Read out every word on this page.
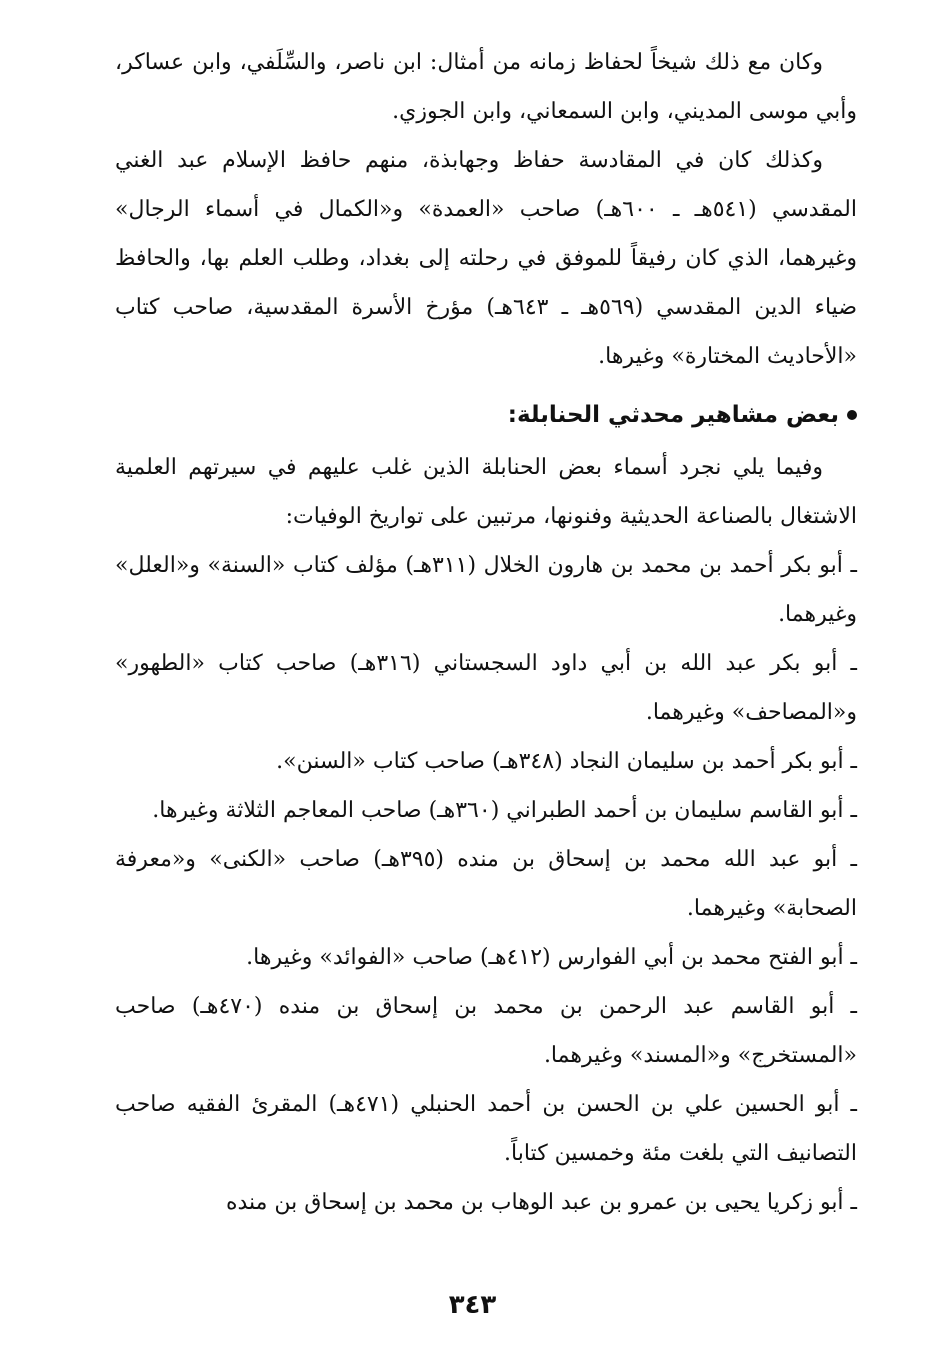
وكان مع ذلك شيخاً لحفاظ زمانه من أمثال: ابن ناصر، والسِّلَفي، وابن عساكر، وأبي موسى المديني، وابن السمعاني، وابن الجوزي.

وكذلك كان في المقادسة حفاظ وجهابذة، منهم حافظ الإسلام عبد الغني المقدسي (٥٤١هـ ـ ٦٠٠هـ) صاحب «العمدة» و«الكمال في أسماء الرجال» وغيرهما، الذي كان رفيقاً للموفق في رحلته إلى بغداد، وطلب العلم بها، والحافظ ضياء الدين المقدسي (٥٦٩هـ ـ ٦٤٣هـ) مؤرخ الأسرة المقدسية، صاحب كتاب «الأحاديث المختارة» وغيرها.

بعض مشاهير محدثي الحنابلة:

وفيما يلي نجرد أسماء بعض الحنابلة الذين غلب عليهم في سيرتهم العلمية الاشتغال بالصناعة الحديثية وفنونها، مرتبين على تواريخ الوفيات:

ـ أبو بكر أحمد بن محمد بن هارون الخلال (٣١١هـ) مؤلف كتاب «السنة» و«العلل» وغيرهما.

ـ أبو بكر عبد الله بن أبي داود السجستاني (٣١٦هـ) صاحب كتاب «الطهور» و«المصاحف» وغيرهما.

ـ أبو بكر أحمد بن سليمان النجاد (٣٤٨هـ) صاحب كتاب «السنن».

ـ أبو القاسم سليمان بن أحمد الطبراني (٣٦٠هـ) صاحب المعاجم الثلاثة وغيرها.

ـ أبو عبد الله محمد بن إسحاق بن منده (٣٩٥هـ) صاحب «الكنى» و«معرفة الصحابة» وغيرهما.

ـ أبو الفتح محمد بن أبي الفوارس (٤١٢هـ) صاحب «الفوائد» وغيرها.

ـ أبو القاسم عبد الرحمن بن محمد بن إسحاق بن منده (٤٧٠هـ) صاحب «المستخرج» و«المسند» وغيرهما.

ـ أبو الحسين علي بن الحسن بن أحمد الحنبلي (٤٧١هـ) المقرئ الفقيه صاحب التصانيف التي بلغت مئة وخمسين كتاباً.

ـ أبو زكريا يحيى بن عمرو بن عبد الوهاب بن محمد بن إسحاق بن منده

٣٤٣
